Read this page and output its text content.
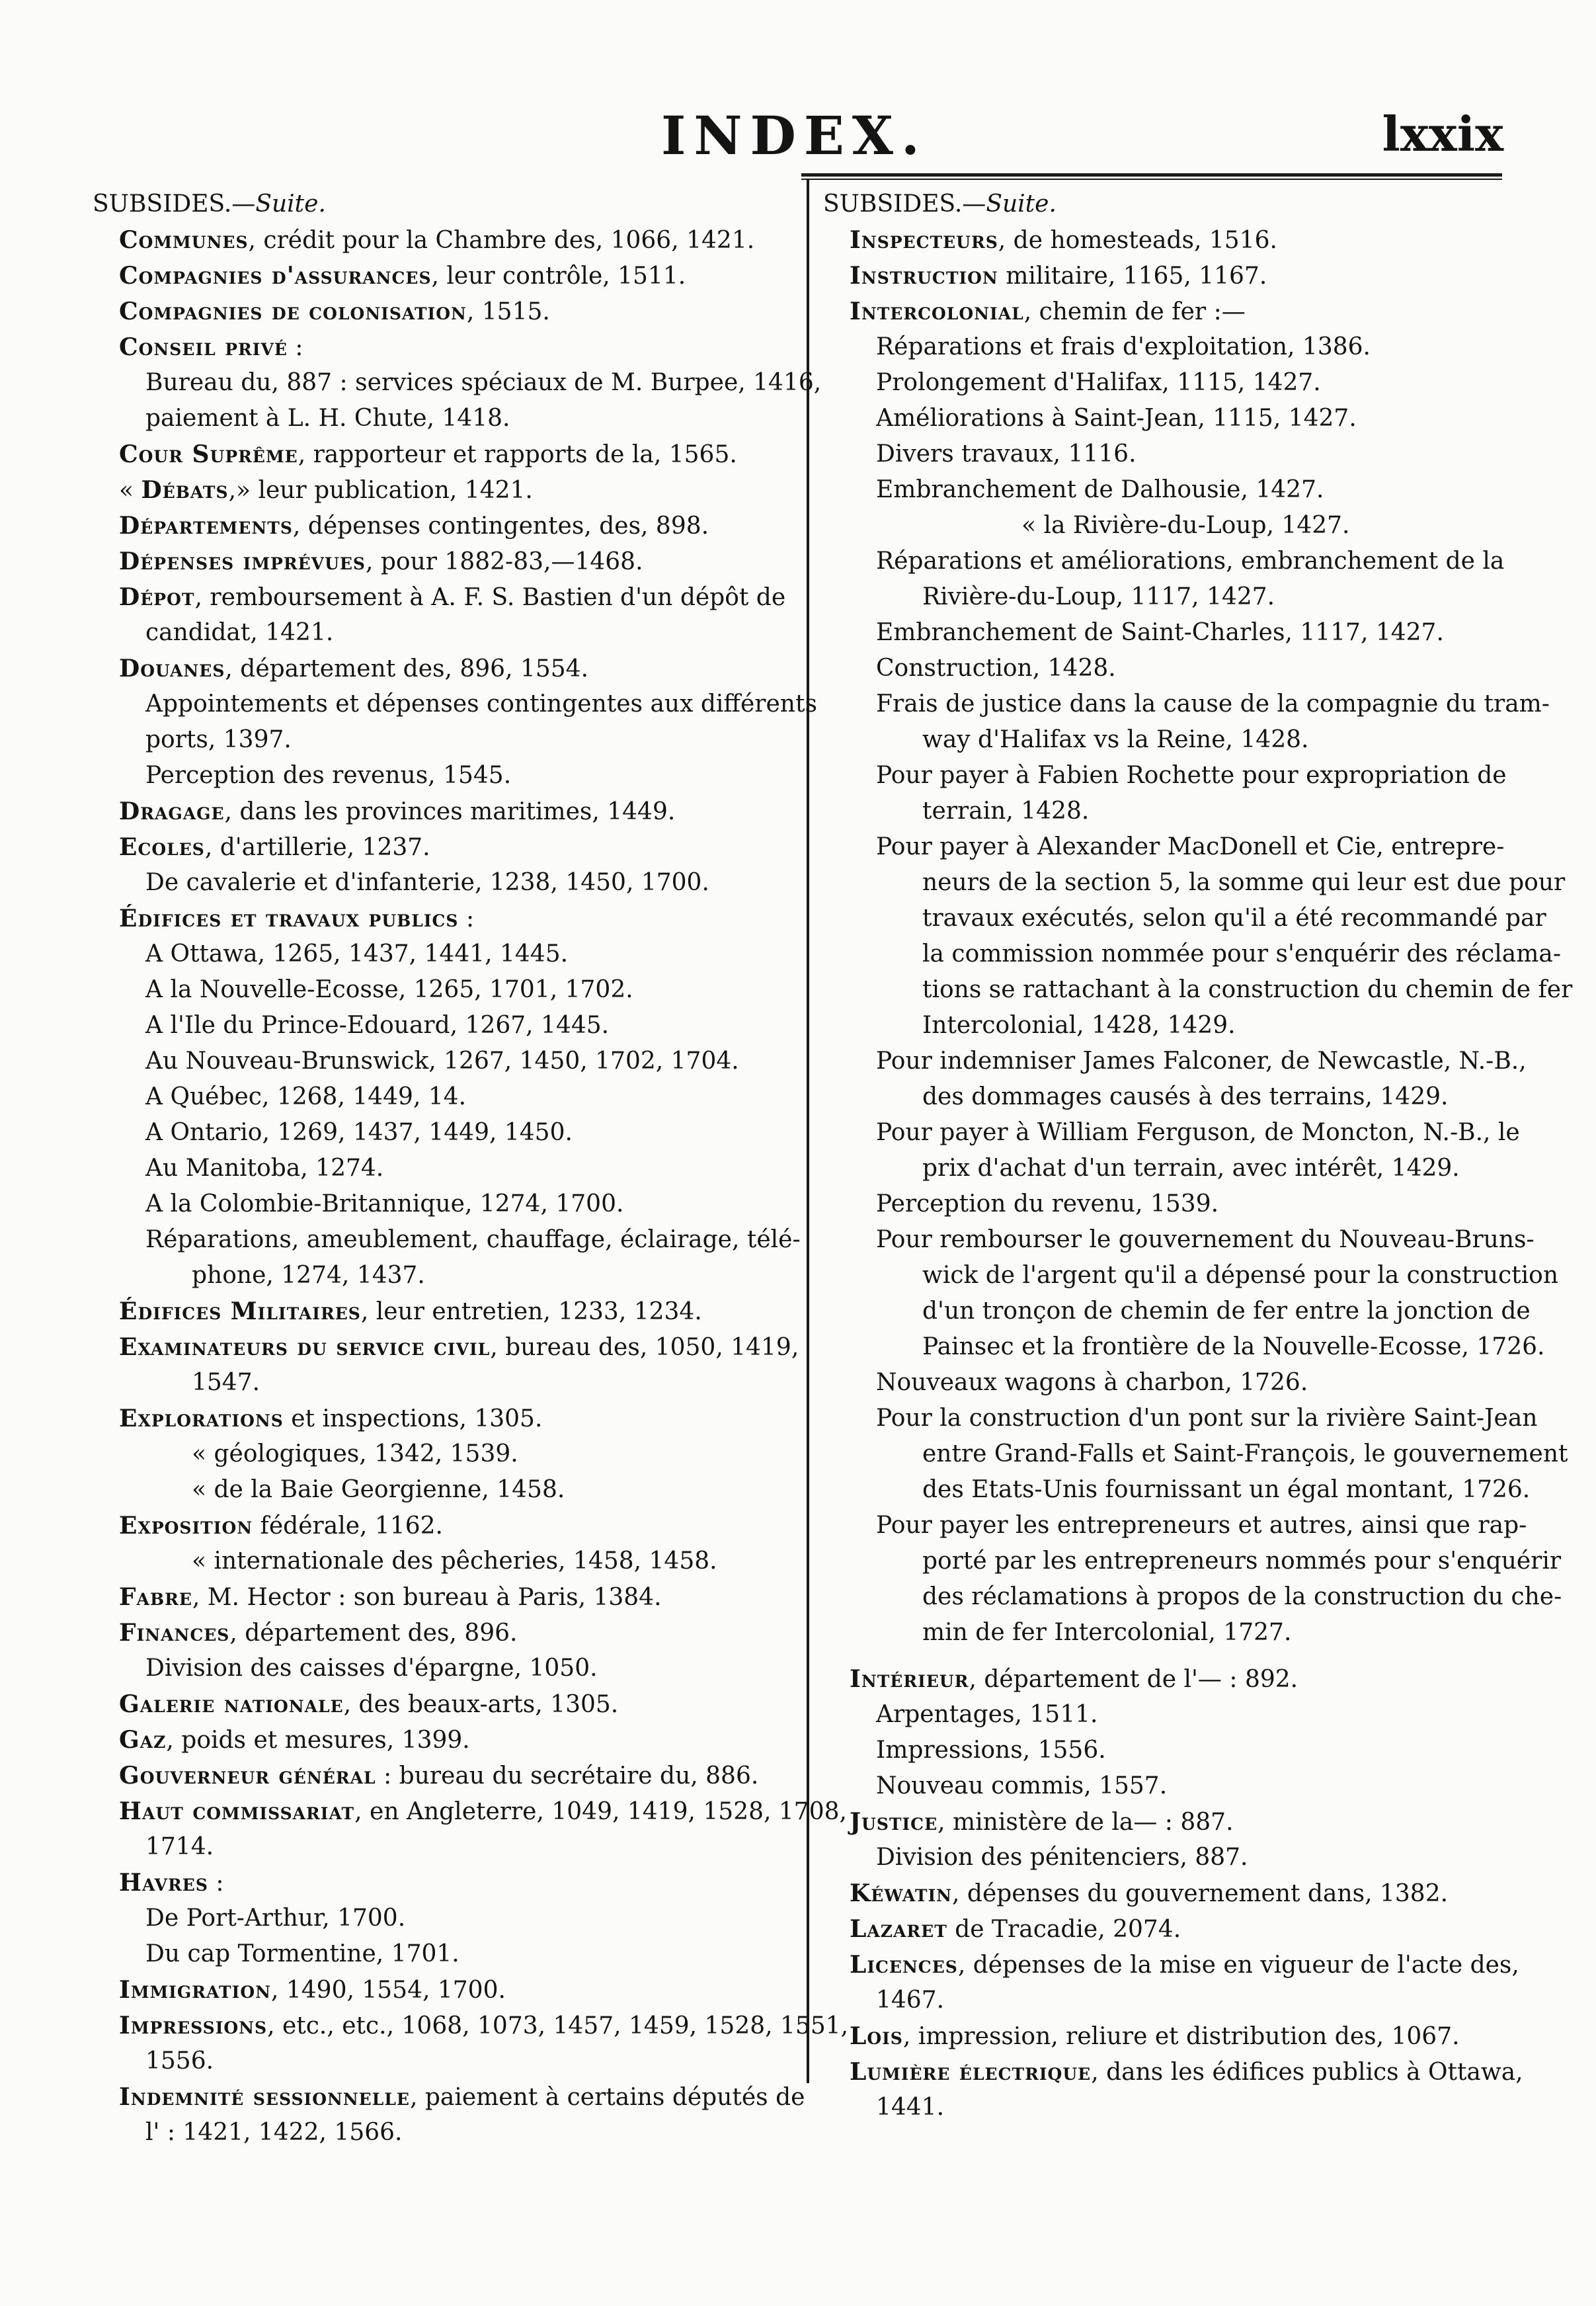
INDEX.	lxxix
SUBSIDES.—Suite.
Communes, crédit pour la Chambre des, 1066, 1421.
Compagnies d'assurances, leur contrôle, 1511.
Compagnies de colonisation, 1515.
Conseil privé :
Bureau du, 887 : services spéciaux de M. Burpee, 1416,
paiement à L. H. Chute, 1418.
Cour Suprême, rapporteur et rapports de la, 1565.
« Débats,» leur publication, 1421.
Départements, dépenses contingentes, des, 898.
Dépenses imprévues, pour 1882-83,—1468.
Dépot, remboursement à A. F. S. Bastien d'un dépôt de
candidat, 1421.
Douanes, département des, 896, 1554.
Appointements et dépenses contingentes aux différents
ports, 1397.
Perception des revenus, 1545.
Dragage, dans les provinces maritimes, 1449.
Ecoles, d'artillerie, 1237.
De cavalerie et d'infanterie, 1238, 1450, 1700.
Édifices et travaux publics :
A Ottawa, 1265, 1437, 1441, 1445.
A la Nouvelle-Ecosse, 1265, 1701, 1702.
A l'Ile du Prince-Edouard, 1267, 1445.
Au Nouveau-Brunswick, 1267, 1450, 1702, 1704.
A Québec, 1268, 1449, 14.
A Ontario, 1269, 1437, 1449, 1450.
Au Manitoba, 1274.
A la Colombie-Britannique, 1274, 1700.
Réparations, ameublement, chauffage, éclairage, télé-
phone, 1274, 1437.
Édifices Militaires, leur entretien, 1233, 1234.
Examinateurs du service civil, bureau des, 1050, 1419,
1547.
Explorations et inspections, 1305.
« géologiques, 1342, 1539.
« de la Baie Georgienne, 1458.
Exposition fédérale, 1162.
« internationale des pêcheries, 1458, 1458.
Fabre, M. Hector : son bureau à Paris, 1384.
Finances, département des, 896.
Division des caisses d'épargne, 1050.
Galerie nationale, des beaux-arts, 1305.
Gaz, poids et mesures, 1399.
Gouverneur général : bureau du secrétaire du, 886.
Haut commissariat, en Angleterre, 1049, 1419, 1528, 1708,
1714.
Havres :
De Port-Arthur, 1700.
Du cap Tormentine, 1701.
Immigration, 1490, 1554, 1700.
Impressions, etc., etc., 1068, 1073, 1457, 1459, 1528, 1551,
1556.
Indemnité sessionnelle, paiement à certains députés de
l' : 1421, 1422, 1566.
SUBSIDES.—Suite.
Inspecteurs, de homesteads, 1516.
Instruction militaire, 1165, 1167.
Intercolonial, chemin de fer :—
Réparations et frais d'exploitation, 1386.
Prolongement d'Halifax, 1115, 1427.
Améliorations à Saint-Jean, 1115, 1427.
Divers travaux, 1116.
Embranchement de Dalhousie, 1427.
« la Rivière-du-Loup, 1427.
Réparations et améliorations, embranchement de la
Rivière-du-Loup, 1117, 1427.
Embranchement de Saint-Charles, 1117, 1427.
Construction, 1428.
Frais de justice dans la cause de la compagnie du tram-
way d'Halifax vs la Reine, 1428.
Pour payer à Fabien Rochette pour expropriation de
terrain, 1428.
Pour payer à Alexander MacDonell et Cie, entrepre-
neurs de la section 5, la somme qui leur est due pour
travaux exécutés, selon qu'il a été recommandé par
la commission nommée pour s'enquérir des réclama-
tions se rattachant à la construction du chemin de fer
Intercolonial, 1428, 1429.
Pour indemniser James Falconer, de Newcastle, N.-B.,
des dommages causés à des terrains, 1429.
Pour payer à William Ferguson, de Moncton, N.-B., le
prix d'achat d'un terrain, avec intérêt, 1429.
Perception du revenu, 1539.
Pour rembourser le gouvernement du Nouveau-Bruns-
wick de l'argent qu'il a dépensé pour la construction
d'un tronçon de chemin de fer entre la jonction de
Painsec et la frontière de la Nouvelle-Ecosse, 1726.
Nouveaux wagons à charbon, 1726.
Pour la construction d'un pont sur la rivière Saint-Jean
entre Grand-Falls et Saint-François, le gouvernement
des Etats-Unis fournissant un égal montant, 1726.
Pour payer les entrepreneurs et autres, ainsi que rap-
porté par les entrepreneurs nommés pour s'enquérir
des réclamations à propos de la construction du che-
min de fer Intercolonial, 1727.
Intérieur, département de l'— : 892.
Arpentages, 1511.
Impressions, 1556.
Nouveau commis, 1557.
Justice, ministère de la— : 887.
Division des pénitenciers, 887.
Kéwatin, dépenses du gouvernement dans, 1382.
Lazaret de Tracadie, 2074.
Licences, dépenses de la mise en vigueur de l'acte des,
1467.
Lois, impression, reliure et distribution des, 1067.
Lumière électrique, dans les édifices publics à Ottawa,
1441.
